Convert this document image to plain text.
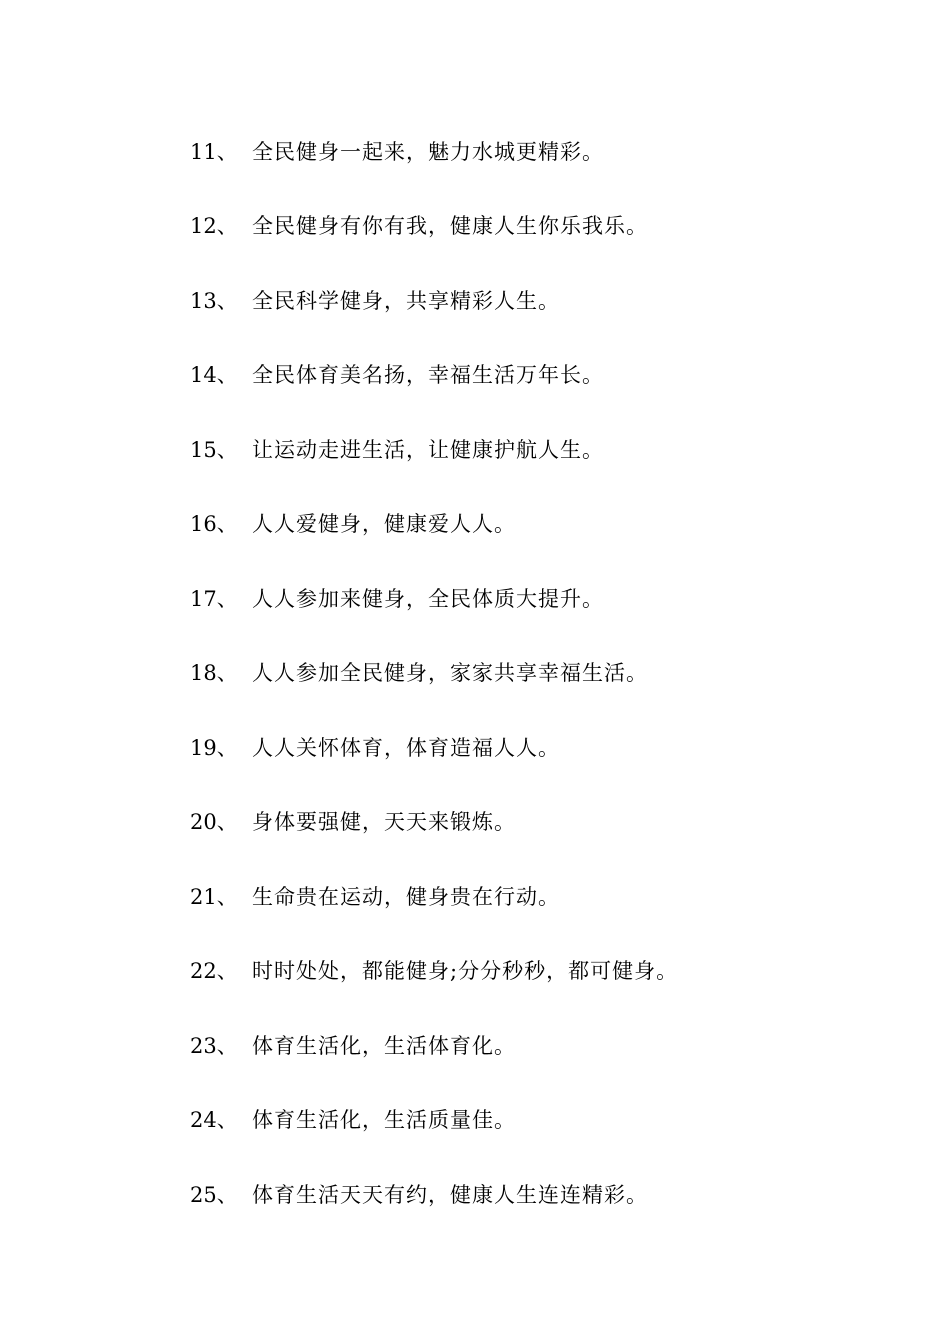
11、 全民健身一起来，魅力水城更精彩。
12、 全民健身有你有我，健康人生你乐我乐。
13、 全民科学健身，共享精彩人生。
14、 全民体育美名扬，幸福生活万年长。
15、 让运动走进生活，让健康护航人生。
16、 人人爱健身，健康爱人人。
17、 人人参加来健身，全民体质大提升。
18、 人人参加全民健身，家家共享幸福生活。
19、 人人关怀体育，体育造福人人。
20、 身体要强健，天天来锻炼。
21、 生命贵在运动，健身贵在行动。
22、 时时处处，都能健身;分分秒秒，都可健身。
23、 体育生活化，生活体育化。
24、 体育生活化，生活质量佳。
25、 体育生活天天有约，健康人生连连精彩。
